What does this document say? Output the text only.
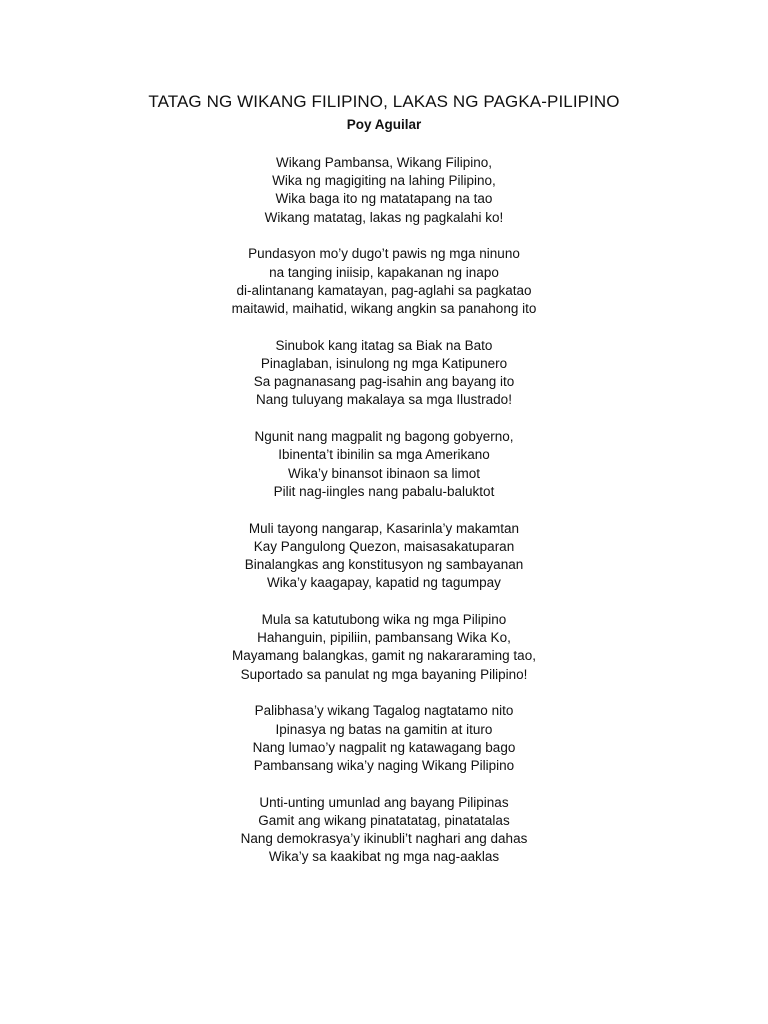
TATAG NG WIKANG FILIPINO, LAKAS NG PAGKA-PILIPINO
Poy Aguilar
Wikang Pambansa, Wikang Filipino,
Wika ng magigiting na lahing Pilipino,
Wika baga ito ng matatapang na tao
Wikang matatag, lakas ng pagkalahi ko!
Pundasyon mo’y dugo’t pawis ng mga ninuno
na tanging iniisip, kapakanan ng inapo
di-alintanang kamatayan, pag-aglahi sa pagkatao
maitawid, maihatid, wikang angkin sa panahong ito
Sinubok kang itatag sa Biak na Bato
Pinaglaban, isinulong ng mga Katipunero
Sa pagnanasang pag-isahin ang bayang ito
Nang tuluyang makalaya sa mga Ilustrado!
Ngunit nang magpalit ng bagong gobyerno,
Ibinenta’t ibinilin sa mga Amerikano
Wika’y binansot ibinaon sa limot
Pilit nag-iingles nang pabalu-baluktot
Muli tayong nangarap, Kasarinla’y makamtan
Kay Pangulong Quezon, maisasakatuparan
Binalangkas ang konstitusyon ng sambayanan
Wika’y kaagapay, kapatid ng tagumpay
Mula sa katutubong wika ng mga Pilipino
Hahanguin, pipiliin, pambansang Wika Ko,
Mayamang balangkas, gamit ng nakararaming tao,
Suportado sa panulat ng mga bayaning Pilipino!
Palibhasa’y wikang Tagalog nagtatamo nito
Ipinasya ng batas na gamitin at ituro
Nang lumao’y nagpalit ng katawagang bago
Pambansang wika’y naging Wikang Pilipino
Unti-unting umunlad ang bayang Pilipinas
Gamit ang wikang pinatatatag, pinatatalas
Nang demokrasya’y ikinubli’t naghari ang dahas
Wika’y sa kaakibat ng mga nag-aaklas
